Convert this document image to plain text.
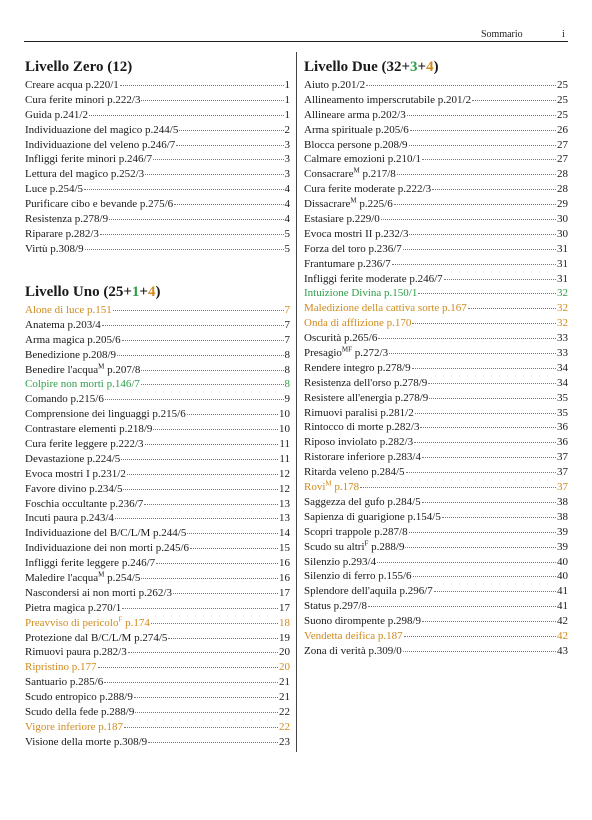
Sommario	i
Livello Zero (12)
Creare acqua p.220/1	1
Cura ferite minori p.222/3	1
Guida p.241/2	1
Individuazione del magico p.244/5	2
Individuazione del veleno p.246/7	3
Infliggi ferite minori p.246/7	3
Lettura del magico p.252/3	3
Luce p.254/5	4
Purificare cibo e bevande p.275/6	4
Resistenza p.278/9	4
Riparare p.282/3	5
Virtù p.308/9	5
Livello Uno (25+1+4)
Alone di luce p.151	7
Anatema p.203/4	7
Arma magica p.205/6	7
Benedizione p.208/9	8
Benedire l'acqua$^M$ p.207/8	8
Colpire non morti p.146/7	8
Comando p.215/6	9
Comprensione dei linguaggi p.215/6	10
Contrastare elementi p.218/9	10
Cura ferite leggere p.222/3	11
Devastazione p.224/5	11
Evoca mostri I p.231/2	12
Favore divino p.234/5	12
Foschia occultante p.236/7	13
Incuti paura p.243/4	13
Individuazione del B/C/L/M p.244/5	14
Individuazione dei non morti p.245/6	15
Infliggi ferite leggere p.246/7	16
Maledire l'acqua$^M$ p.254/5	16
Nascondersi ai non morti p.262/3	17
Pietra magica p.270/1	17
Preavviso di pericolo$^F$ p.174	18
Protezione dal B/C/L/M p.274/5	19
Rimuovi paura p.282/3	20
Ripristino p.177	20
Santuario p.285/6	21
Scudo entropico p.288/9	21
Scudo della fede p.288/9	22
Vigore inferiore p.187	22
Visione della morte p.308/9	23
Livello Due (32+3+4)
Aiuto p.201/2	25
Allineamento imperscrutabile p.201/2	25
Allineare arma p.202/3	25
Arma spirituale p.205/6	26
Blocca persone p.208/9	27
Calmare emozioni p.210/1	27
Consacrare$^M$ p.217/8	28
Cura ferite moderate p.222/3	28
Dissacrare$^M$ p.225/6	29
Estasiare p.229/0	30
Evoca mostri II p.232/3	30
Forza del toro p.236/7	31
Frantumare p.236/7	31
Infliggi ferite moderate p.246/7	31
Intuizione Divina p.150/1	32
Maledizione della cattiva sorte p.167	32
Onda di afflizione p.170	32
Oscurità p.265/6	33
Presagio$^{MF}$ p.272/3	33
Rendere integro p.278/9	34
Resistenza dell'orso p.278/9	34
Resistere all'energia p.278/9	35
Rimuovi paralisi p.281/2	35
Rintocco di morte p.282/3	36
Riposo inviolato p.282/3	36
Ristorare inferiore p.283/4	37
Ritarda veleno p.284/5	37
Rovi$^M$ p.178	37
Saggezza del gufo p.284/5	38
Sapienza di guarigione p.154/5	38
Scopri trappole p.287/8	39
Scudo su altri$^F$ p.288/9	39
Silenzio p.293/4	40
Silenzio di ferro p.155/6	40
Splendore dell'aquila p.296/7	41
Status p.297/8	41
Suono dirompente p.298/9	42
Vendetta deifica p.187	42
Zona di verità p.309/0	43
